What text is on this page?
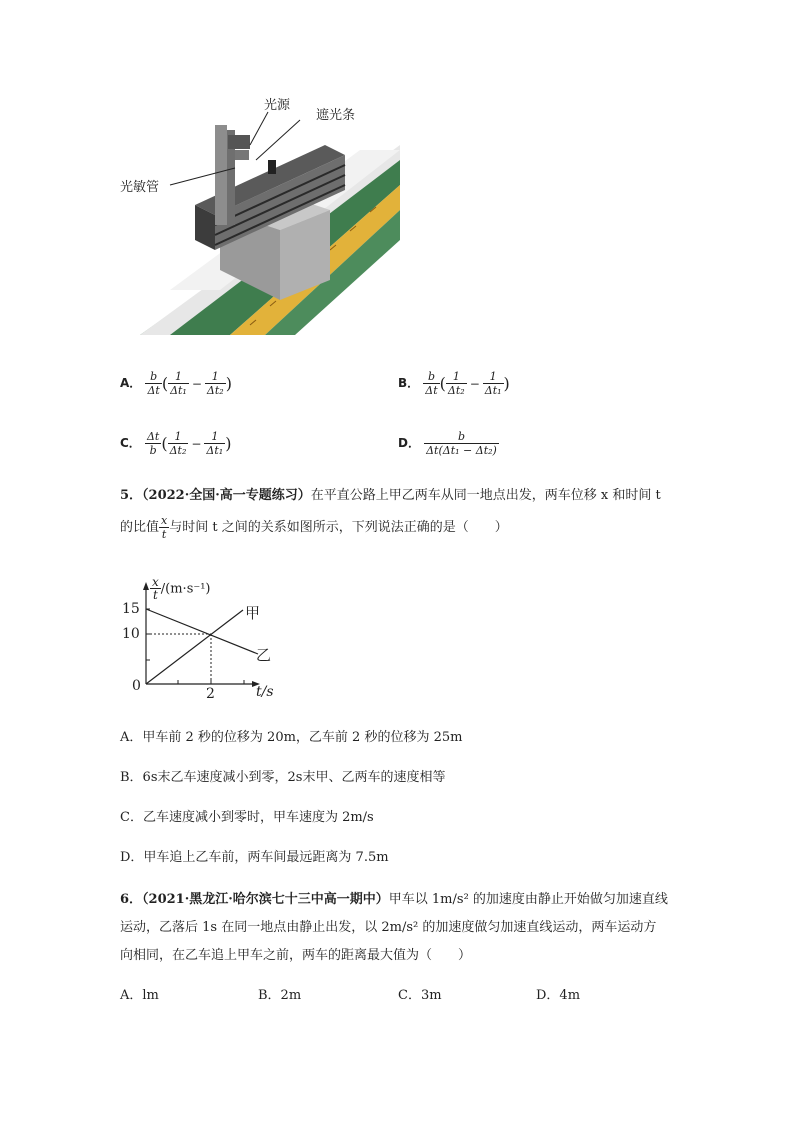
光源
遮光条
光敏管
A． $\frac{b}{\Delta t}$ ( $\frac{1}{\text{Δt₁}} - \frac{1}{\text{Δt₂}}$ )	B． $\frac{b}{\Delta t}$ ( $\frac{1}{\text{Δt₂}} - \frac{1}{\text{Δt₁}}$ )
C． $\frac{\Delta t}{b}$ ( $\frac{1}{\text{Δt₂}} - \frac{1}{\text{Δt₁}}$ )	D． $\frac{b}{\text{Δt(Δt₁ − Δt₂)}}$
5．（2022·全国·高一专题练习）在平直公路上甲乙两车从同一地点出发，两车位移 x 和时间 t
的比值 $\frac{x}{t}$ 与时间 t 之间的关系如图所示，下列说法正确的是（　　）
$\frac{x}{t} /(m\cdot s^{-1})$
15
10
0	2	t/s
甲
乙
A．甲车前 2 秒的位移为 20m，乙车前 2 秒的位移为 25m
B．6s末乙车速度减小到零，2s末甲、乙两车的速度相等
C．乙车速度减小到零时，甲车速度为 2m/s
D．甲车追上乙车前，两车间最远距离为 7.5m
6．（2021·黑龙江·哈尔滨七十三中高一期中）甲车以 1m/s² 的加速度由静止开始做匀加速直线
运动，乙落后 1s 在同一地点由静止出发，以 2m/s² 的加速度做匀加速直线运动，两车运动方
向相同，在乙车追上甲车之前，两车的距离最大值为（　　）
A．lm	B．2m	C．3m	D．4m
